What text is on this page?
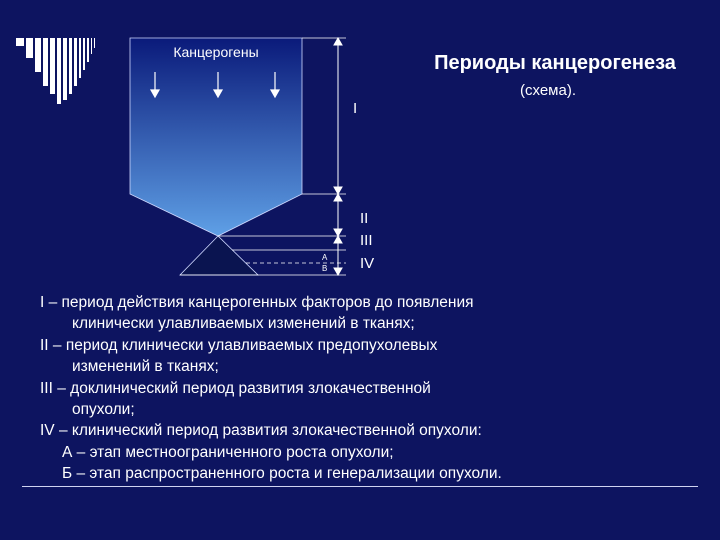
Канцерогены	Периоды канцерогенеза
(схема).
I
II
III
IV
А
В
I – период действия канцерогенных факторов до появления
клинически улавливаемых изменений в тканях;
II – период клинически улавливаемых предопухолевых
изменений в тканях;
III – доклинический период развития злокачественной
опухоли;
IV – клинический период развития злокачественной опухоли:
А – этап местноограниченного роста опухоли;
Б – этап распространенного роста и генерализации опухоли.
